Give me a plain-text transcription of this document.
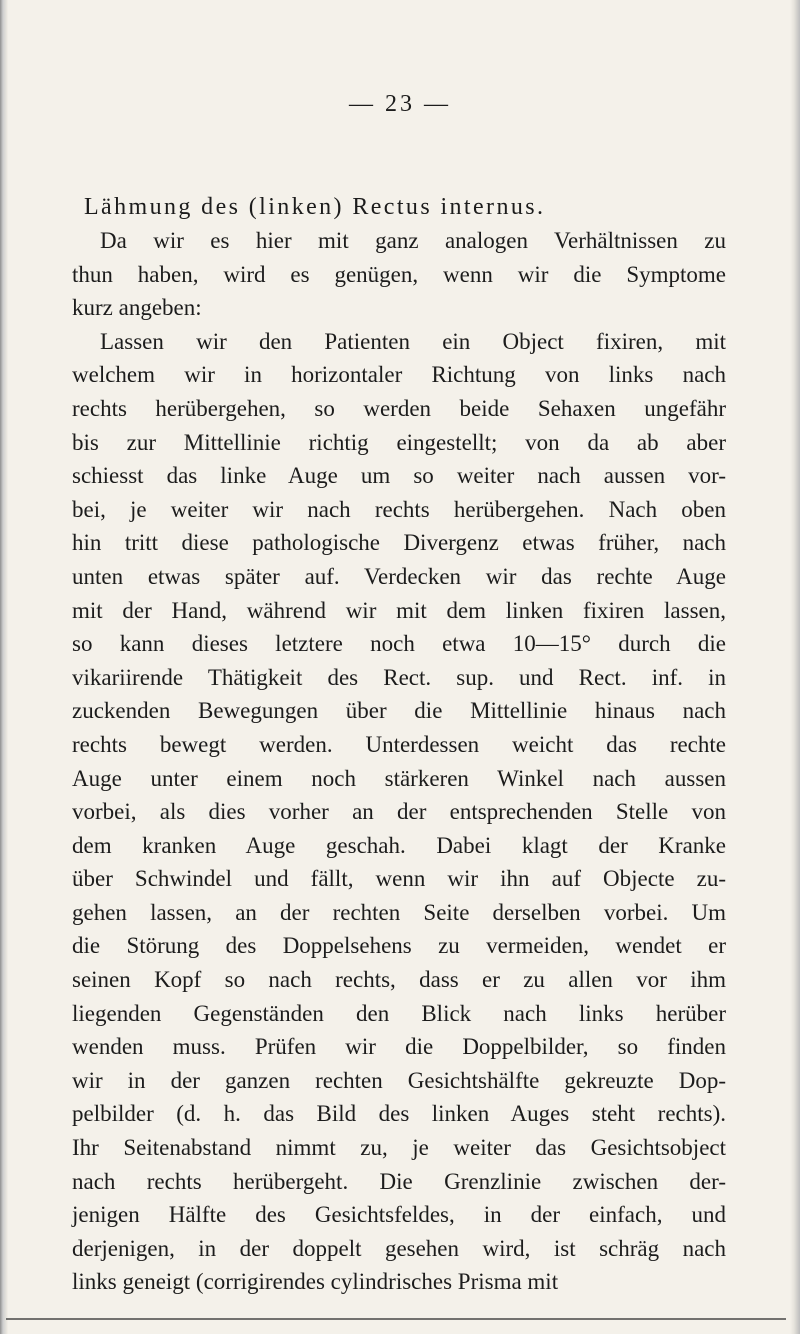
— 23 —
Lähmung des (linken) Rectus internus.
Da wir es hier mit ganz analogen Verhältnissen zu
thun haben, wird es genügen, wenn wir die Symptome
kurz angeben:
Lassen wir den Patienten ein Object fixiren, mit
welchem wir in horizontaler Richtung von links nach
rechts herübergehen, so werden beide Sehaxen ungefähr
bis zur Mittellinie richtig eingestellt; von da ab aber
schiesst das linke Auge um so weiter nach aussen vor-
bei, je weiter wir nach rechts herübergehen. Nach oben
hin tritt diese pathologische Divergenz etwas früher, nach
unten etwas später auf. Verdecken wir das rechte Auge
mit der Hand, während wir mit dem linken fixiren lassen,
so kann dieses letztere noch etwa 10—15° durch die
vikariirende Thätigkeit des Rect. sup. und Rect. inf. in
zuckenden Bewegungen über die Mittellinie hinaus nach
rechts bewegt werden. Unterdessen weicht das rechte
Auge unter einem noch stärkeren Winkel nach aussen
vorbei, als dies vorher an der entsprechenden Stelle von
dem kranken Auge geschah. Dabei klagt der Kranke
über Schwindel und fällt, wenn wir ihn auf Objecte zu-
gehen lassen, an der rechten Seite derselben vorbei. Um
die Störung des Doppelsehens zu vermeiden, wendet er
seinen Kopf so nach rechts, dass er zu allen vor ihm
liegenden Gegenständen den Blick nach links herüber
wenden muss. Prüfen wir die Doppelbilder, so finden
wir in der ganzen rechten Gesichtshälfte gekreuzte Dop-
pelbilder (d. h. das Bild des linken Auges steht rechts).
Ihr Seitenabstand nimmt zu, je weiter das Gesichtsobject
nach rechts herübergeht. Die Grenzlinie zwischen der-
jenigen Hälfte des Gesichtsfeldes, in der einfach, und
derjenigen, in der doppelt gesehen wird, ist schräg nach
links geneigt (corrigirendes cylindrisches Prisma mit
